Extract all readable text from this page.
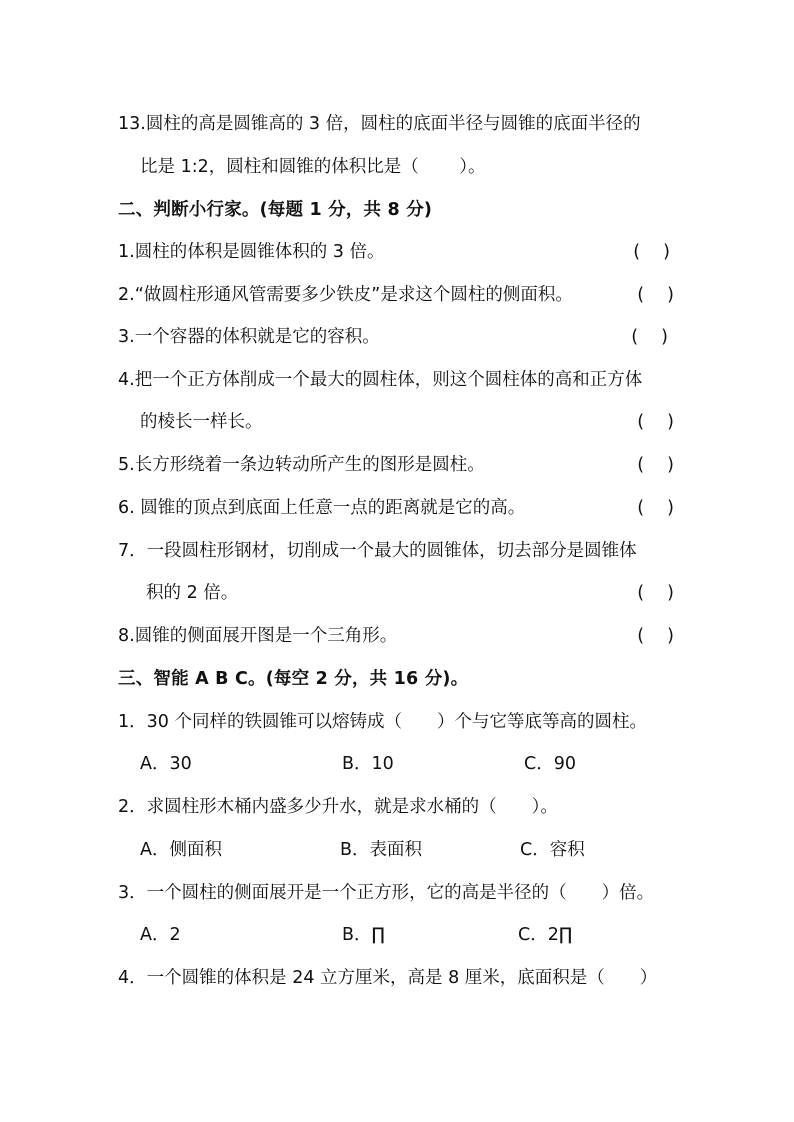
13.圆柱的高是圆锥高的 3 倍，圆柱的底面半径与圆锥的底面半径的
比是 1:2，圆柱和圆锥的体积比是（　　 ）。
二、判断小行家。(每题 1 分，共 8 分)
1.圆柱的体积是圆锥体积的 3 倍。	(　 )
2.“做圆柱形通风管需要多少铁皮”是求这个圆柱的侧面积。	(　 )
3.一个容器的体积就是它的容积。	(　 )
4.把一个正方体削成一个最大的圆柱体，则这个圆柱体的高和正方体
的棱长一样长。	(　 )
5.长方形绕着一条边转动所产生的图形是圆柱。	(　 )
6. 圆锥的顶点到底面上任意一点的距离就是它的高。	(　 )
7．一段圆柱形钢材，切削成一个最大的圆锥体，切去部分是圆锥体
积的 2 倍。	(　 )
8.圆锥的侧面展开图是一个三角形。	(　 )
三、智能 A B C。(每空 2 分，共 16 分)。
1．30 个同样的铁圆锥可以熔铸成（　　）个与它等底等高的圆柱。
A．30	B．10	C．90
2．求圆柱形木桶内盛多少升水，就是求水桶的（　　）。
A．侧面积	B．表面积	C．容积
3．一个圆柱的侧面展开是一个正方形，它的高是半径的（　　）倍。
A．2	B．∏	C．2∏
4．一个圆锥的体积是 24 立方厘米，高是 8 厘米，底面积是（　　）
